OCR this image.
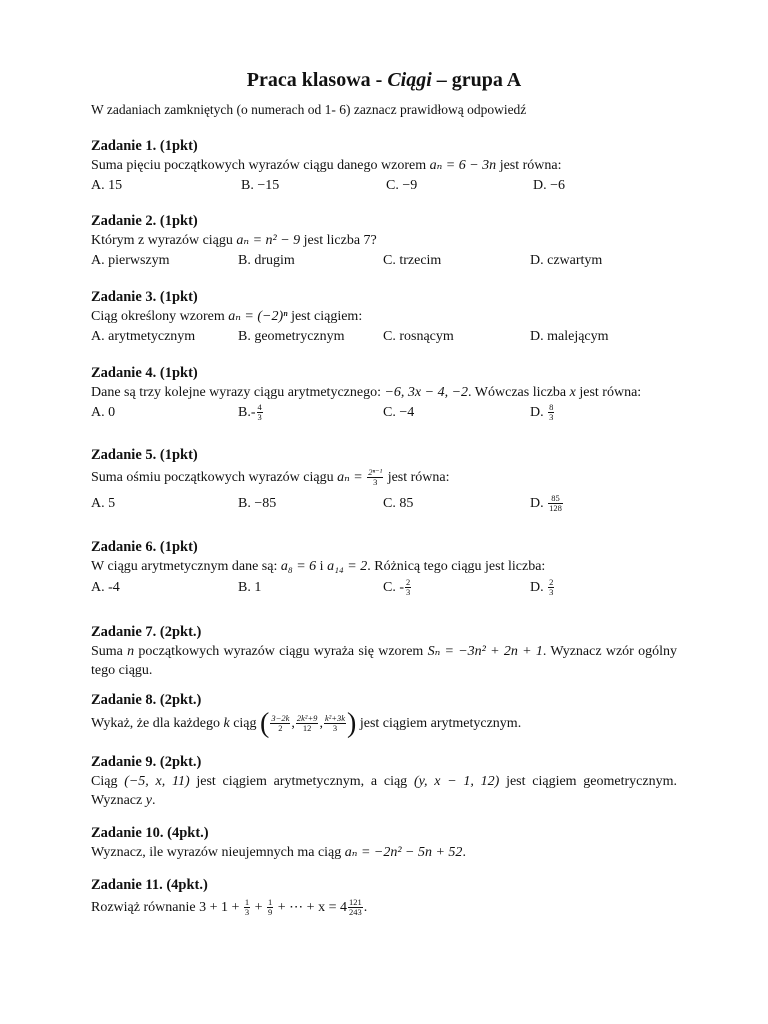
Praca klasowa - Ciągi – grupa A
W zadaniach zamkniętych (o numerach od 1- 6) zaznacz prawidłową odpowiedź
Zadanie 1. (1pkt)
Suma pięciu początkowych wyrazów ciągu danego wzorem aₙ = 6 − 3n jest równa:
A. 15	B. −15	C. −9	D. −6
Zadanie 2. (1pkt)
Którym z wyrazów ciągu aₙ = n² − 9 jest liczba 7?
A. pierwszym	B. drugim	C. trzecim	D. czwartym
Zadanie 3. (1pkt)
Ciąg określony wzorem aₙ = (−2)ⁿ jest ciągiem:
A. arytmetycznym	B. geometrycznym	C. rosnącym	D. malejącym
Zadanie 4. (1pkt)
Dane są trzy kolejne wyrazy ciągu arytmetycznego: −6, 3x − 4, −2. Wówczas liczba x jest równa:
A. 0	$B.- \frac{4}{3}$	C. −4	D. $\frac{8}{3}$
Zadanie 5. (1pkt)
Suma ośmiu początkowych wyrazów ciągu $a_n = \frac{\text{2ⁿ⁻¹}}{3}$ jest równa:
A. 5	B. −85	C. 85	D. $\frac{85}{128}$
Zadanie 6. (1pkt)
W ciągu arytmetycznym dane są: a₈ = 6 i a₁₄ = 2. Różnicą tego ciągu jest liczba:
A. -4	B. 1	C. - $\frac{2}{3}$	D. $\frac{2}{3}$
Zadanie 7. (2pkt.)
Suma n początkowych wyrazów ciągu wyraża się wzorem Sₙ = −3n² + 2n + 1. Wyznacz wzór ogólny tego ciągu.
Zadanie 8. (2pkt.)
Wykaż, że dla każdego k ciąg ( $\frac{3-2k}{2}$ , $\frac{\text{2k²+9}}{12}$ , $\frac{\text{k²+3k}}{3}$ ) jest ciągiem arytmetycznym.
Zadanie 9. (2pkt.)
Ciąg (−5, x, 11) jest ciągiem arytmetycznym, a ciąg (y, x − 1, 12) jest ciągiem geometrycznym. Wyznacz y.
Zadanie 10. (4pkt.)
Wyznacz, ile wyrazów nieujemnych ma ciąg aₙ = −2n² − 5n + 52.
Zadanie 11. (4pkt.)
Rozwiąż równanie $3 + 1 + \frac{1}{3} + \frac{1}{9}$ + ⋯ + $x = 4 \frac{121}{243}$ .
